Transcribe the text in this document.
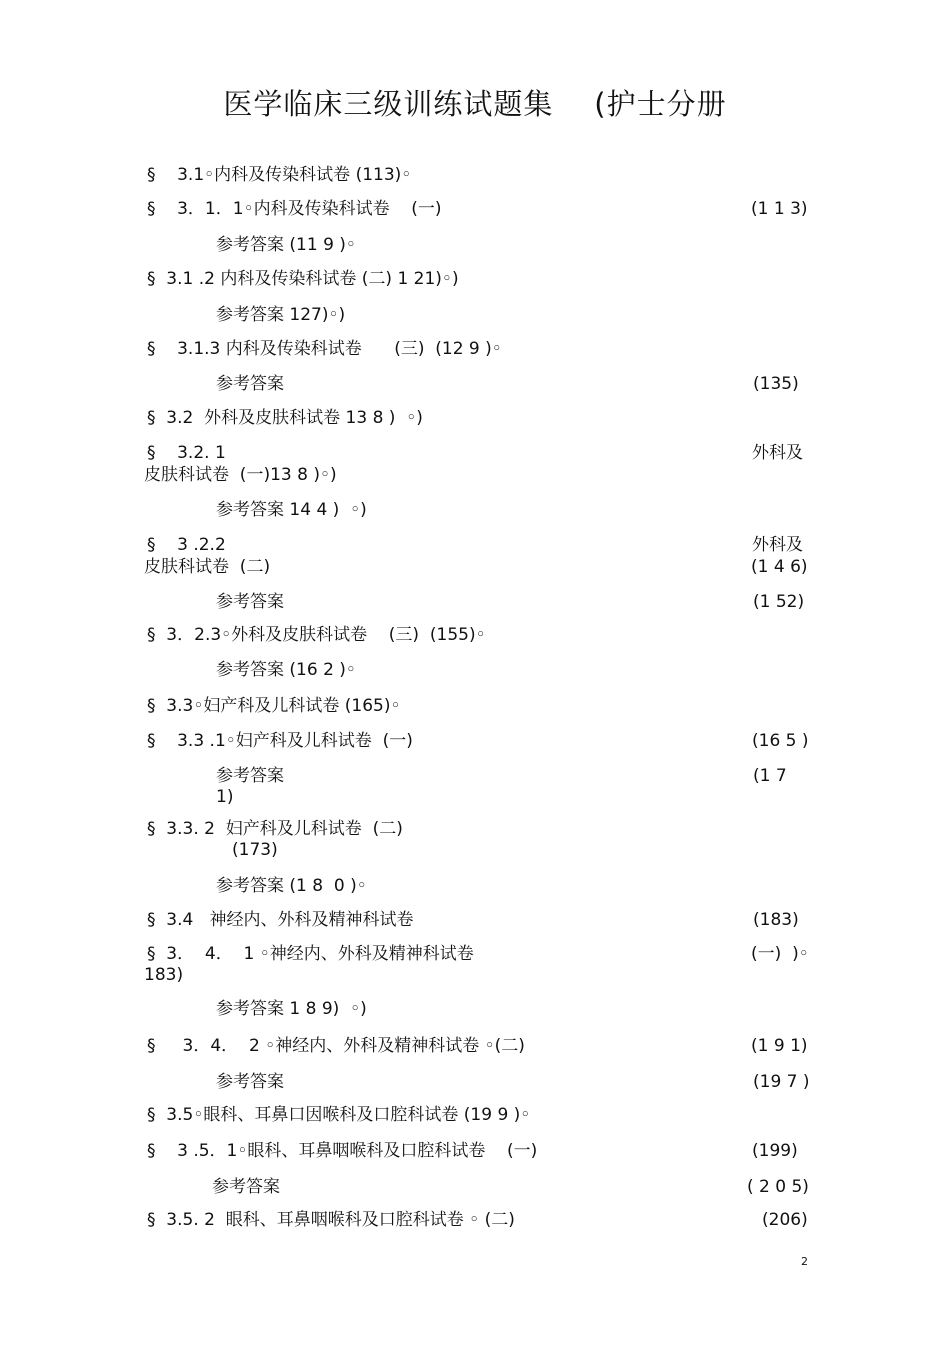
医学临床三级训练试题集    (护士分册
§    3.1◦内科及传染科试卷 (113)◦
§    3．1．1◦内科及传染科试卷    (一)	(1 1 3)
参考答案 (11 9 )◦
§  3.1 .2 内科及传染科试卷 (二) 1 21)◦)
参考答案 127)◦)
§    3.1.3 内科及传染科试卷      (三)  (12 9 )◦
参考答案	(135)
§  3.2  外科及皮肤科试卷 13 8 )  ◦)
§    3.2. 1	外科及
皮肤科试卷  (一)13 8 )◦)
参考答案 14 4 )  ◦)
§    3 .2.2	外科及
皮肤科试卷  (二)	(1 4 6)
参考答案	(1 52)
§  3．2.3◦外科及皮肤科试卷    (三)  (155)◦
参考答案 (16 2 )◦
§  3.3◦妇产科及儿科试卷 (165)◦
§    3.3 .1◦妇产科及儿科试卷  (一)	(16 5 )
参考答案	(1 7
1)
§  3.3. 2  妇产科及儿科试卷  (二)
(173)
参考答案 (1 8  0 )◦
§  3.4   神经内、外科及精神科试卷	(183)
§  3．  4．  1 ◦神经内、外科及精神科试卷	(一)  )◦
183)
参考答案 1 8 9)  ◦)
§     3．4．  2 ◦神经内、外科及精神科试卷 ◦(二)	(1 9 1)
参考答案	(19 7 )
§  3.5◦眼科、耳鼻口因喉科及口腔科试卷 (19 9 )◦
§    3 .5．1◦眼科、耳鼻咽喉科及口腔科试卷    (一)	(199)
参考答案	( 2 0 5)
§  3.5. 2  眼科、耳鼻咽喉科及口腔科试卷 ◦ (二)	(206)
2
